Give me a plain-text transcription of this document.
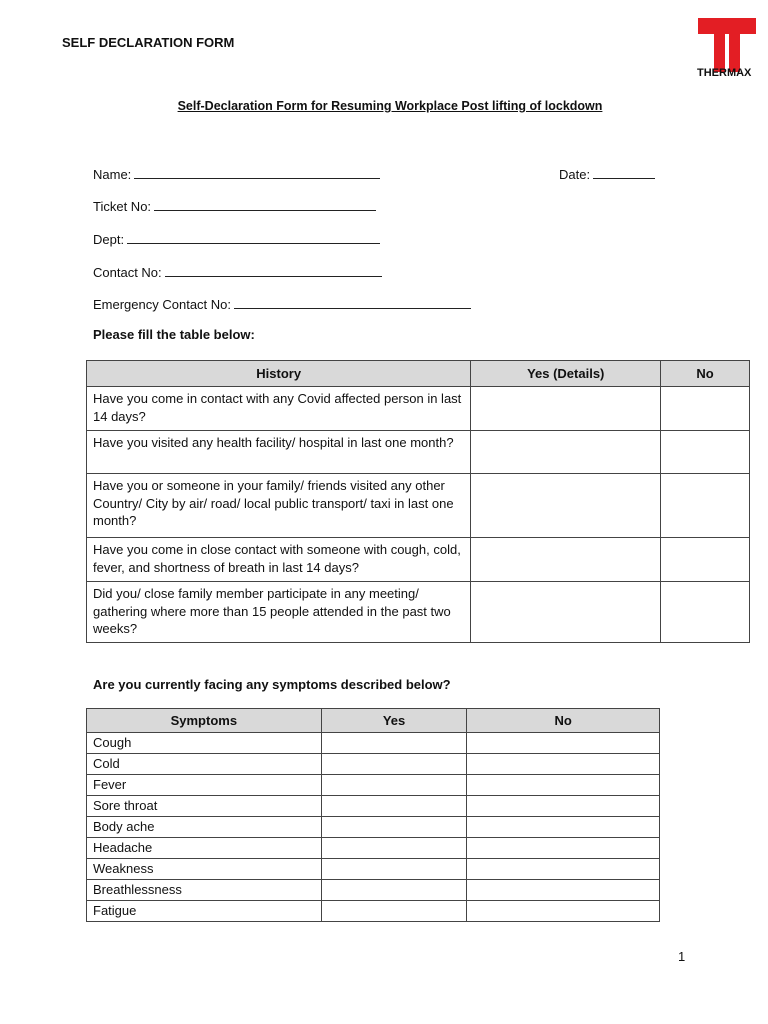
SELF DECLARATION FORM
THERMAX
Self-Declaration Form for Resuming Workplace Post lifting of lockdown
Name:	Date:
Ticket No:
Dept:
Contact No:
Emergency Contact No:
Please fill the table below:
History	Yes (Details)	No
Have you come in contact with any Covid affected person in last 14 days?		
Have you visited any health facility/ hospital in last one month?		
Have you or someone in your family/ friends visited any other Country/ City by air/ road/ local public transport/ taxi in last one month?		
Have you come in close contact with someone with cough, cold, fever, and shortness of breath in last 14 days?		
Did you/ close family member participate in any meeting/ gathering where more than 15 people attended in the past two weeks?		
Are you currently facing any symptoms described below?
Symptoms	Yes	No
Cough		
Cold		
Fever		
Sore throat		
Body ache		
Headache		
Weakness		
Breathlessness		
Fatigue		
1
